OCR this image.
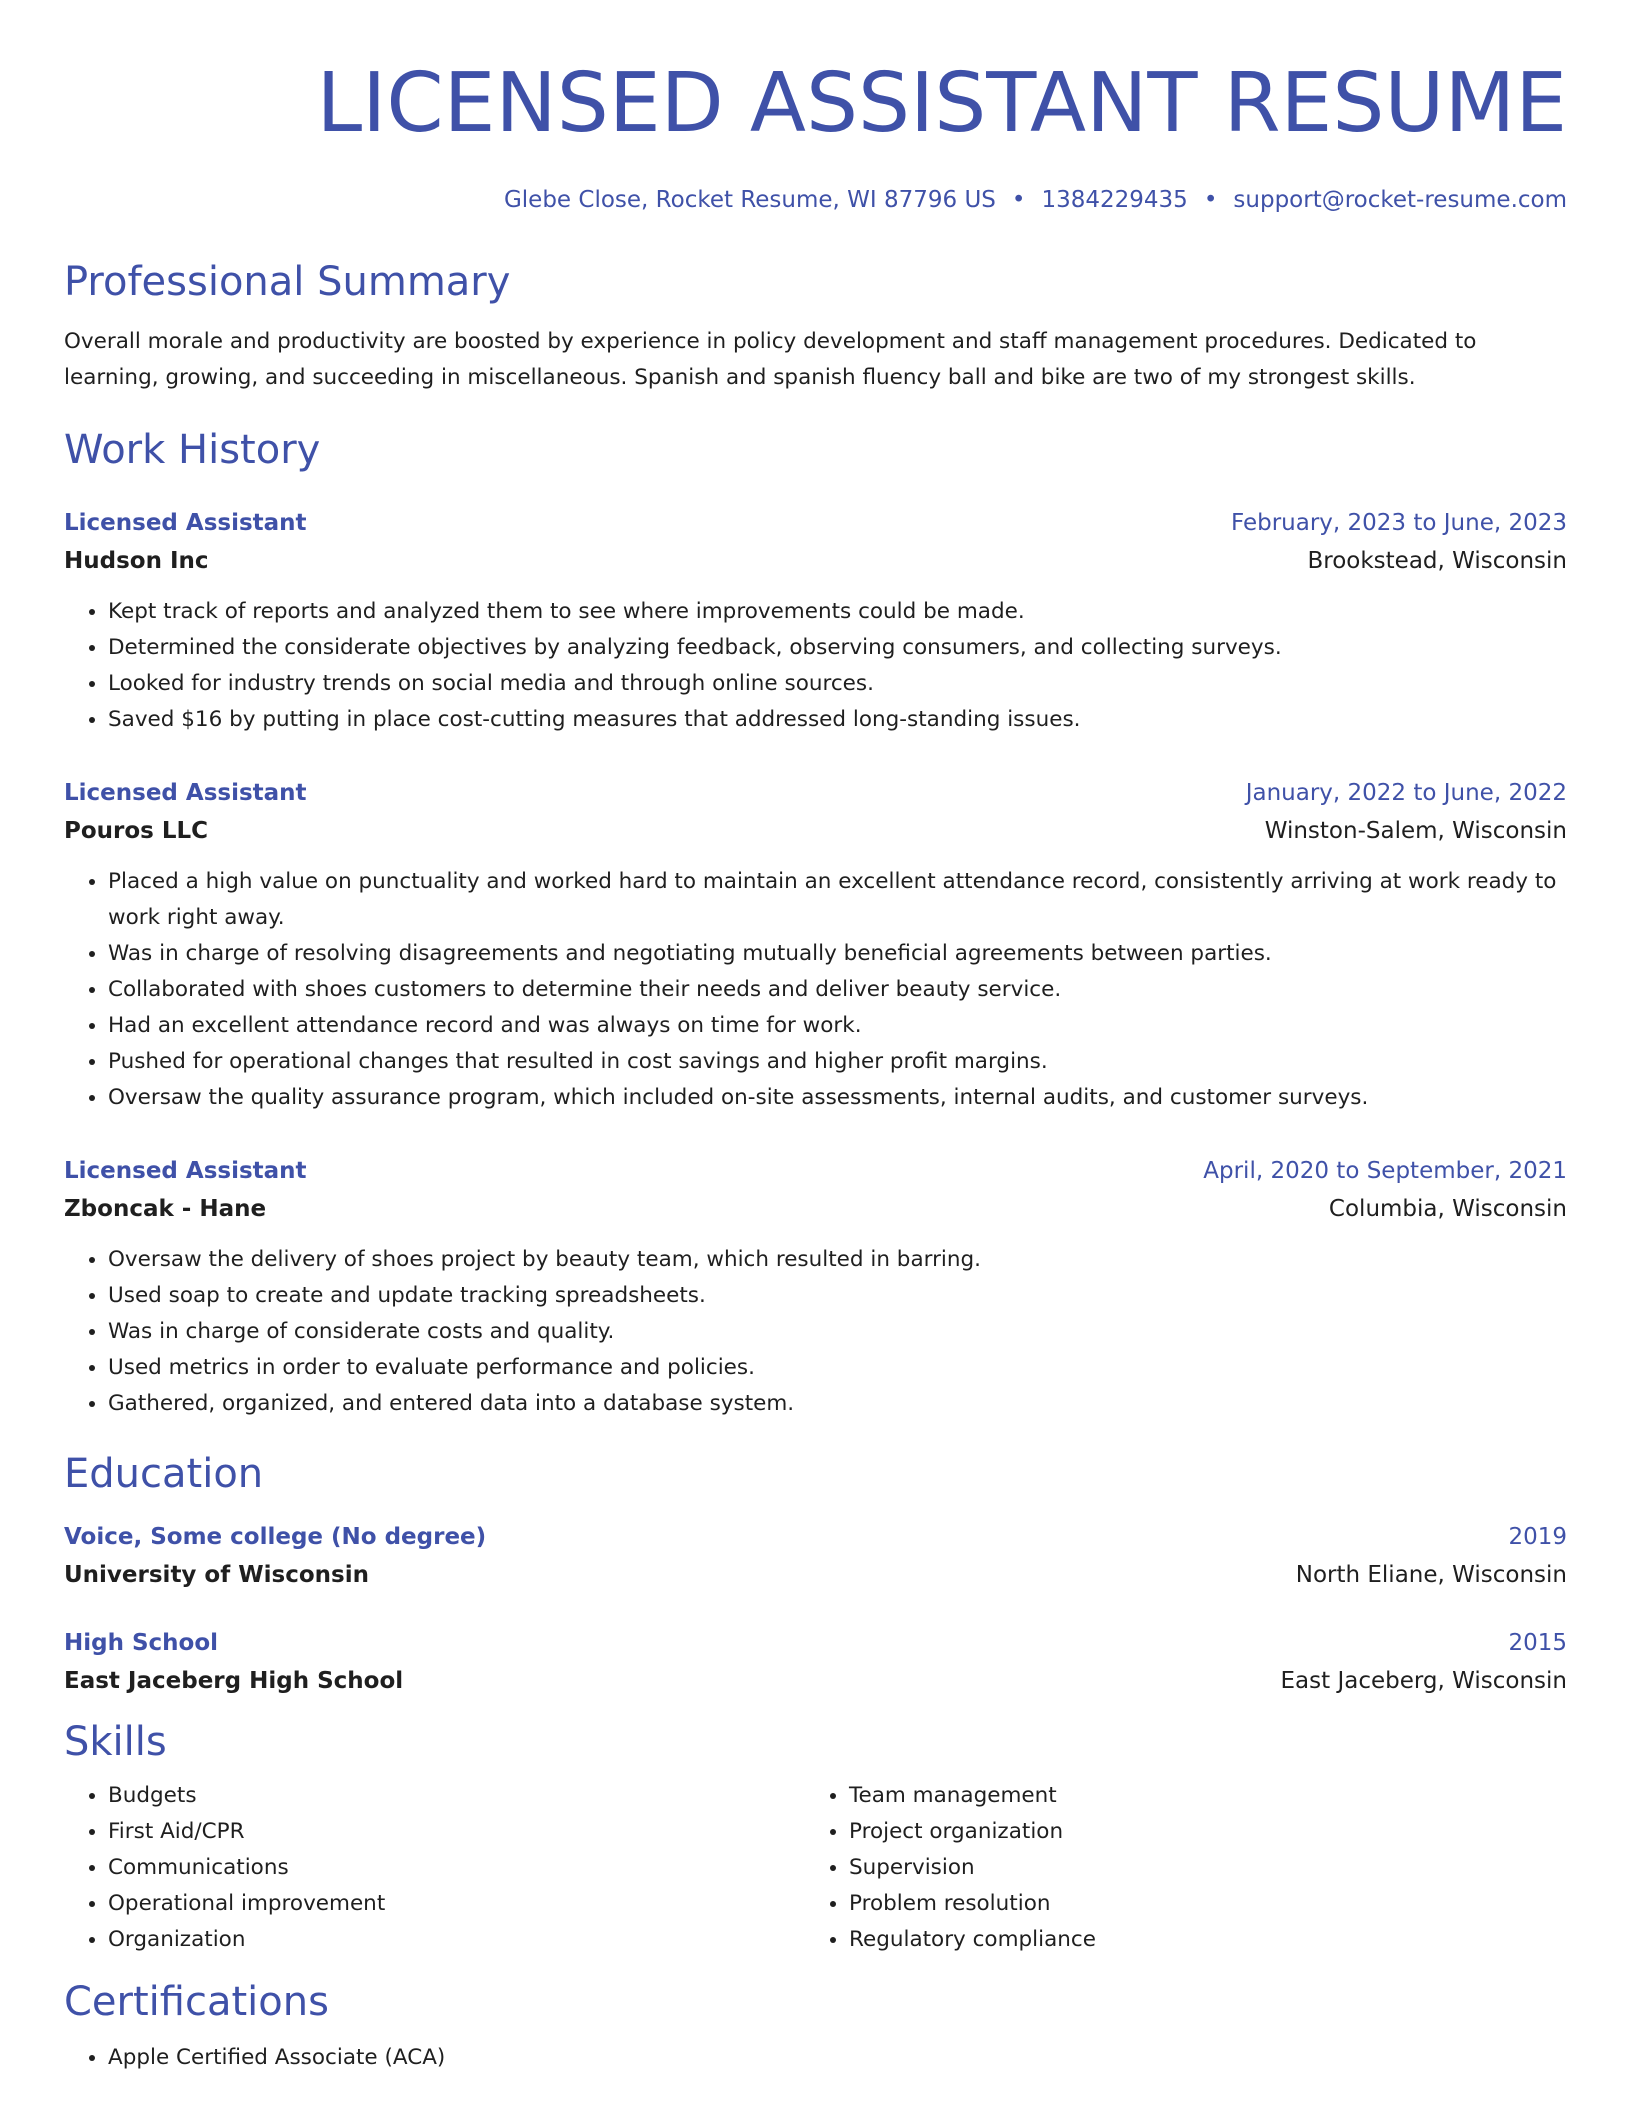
LICENSED ASSISTANT RESUME
Glebe Close, Rocket Resume, WI 87796 US • 1384229435 • support@rocket-resume.com
Professional Summary
Overall morale and productivity are boosted by experience in policy development and staff management procedures. Dedicated to learning, growing, and succeeding in miscellaneous. Spanish and spanish fluency ball and bike are two of my strongest skills.
Work History
Licensed Assistant	February, 2023 to June, 2023
Hudson Inc	Brookstead, Wisconsin
• Kept track of reports and analyzed them to see where improvements could be made.
• Determined the considerate objectives by analyzing feedback, observing consumers, and collecting surveys.
• Looked for industry trends on social media and through online sources.
• Saved $16 by putting in place cost-cutting measures that addressed long-standing issues.
Licensed Assistant	January, 2022 to June, 2022
Pouros LLC	Winston-Salem, Wisconsin
• Placed a high value on punctuality and worked hard to maintain an excellent attendance record, consistently arriving at work ready to work right away.
• Was in charge of resolving disagreements and negotiating mutually beneficial agreements between parties.
• Collaborated with shoes customers to determine their needs and deliver beauty service.
• Had an excellent attendance record and was always on time for work.
• Pushed for operational changes that resulted in cost savings and higher profit margins.
• Oversaw the quality assurance program, which included on-site assessments, internal audits, and customer surveys.
Licensed Assistant	April, 2020 to September, 2021
Zboncak - Hane	Columbia, Wisconsin
• Oversaw the delivery of shoes project by beauty team, which resulted in barring.
• Used soap to create and update tracking spreadsheets.
• Was in charge of considerate costs and quality.
• Used metrics in order to evaluate performance and policies.
• Gathered, organized, and entered data into a database system.
Education
Voice, Some college (No degree)	2019
University of Wisconsin	North Eliane, Wisconsin
High School	2015
East Jaceberg High School	East Jaceberg, Wisconsin
Skills
• Budgets
• First Aid/CPR
• Communications
• Operational improvement
• Organization
• Team management
• Project organization
• Supervision
• Problem resolution
• Regulatory compliance
Certifications
• Apple Certified Associate (ACA)
